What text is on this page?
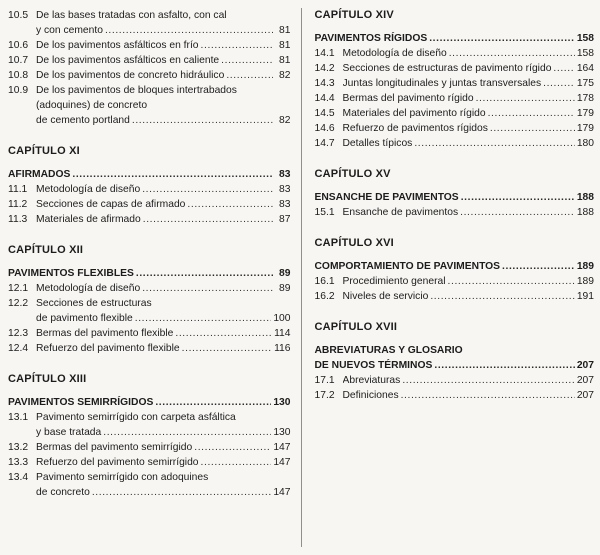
10.5 De las bases tratadas con asfalto, con cal
y con cemento .....	81
10.6 De los pavimentos asfálticos en frío .....	81
10.7 De los pavimentos asfálticos en caliente .....	81
10.8 De los pavimentos de concreto hidráulico .....	82
10.9 De los pavimentos de bloques intertrabados
(adoquines) de concreto
de cemento portland .....	82
CAPÍTULO XI
AFIRMADOS .....	83
11.1 Metodología de diseño .....	83
11.2 Secciones de capas de afirmado .....	83
11.3 Materiales de afirmado .....	87
CAPÍTULO XII
PAVIMENTOS FLEXIBLES .....	89
12.1 Metodología de diseño .....	89
12.2 Secciones de estructuras
de pavimento flexible .....	100
12.3 Bermas del pavimento flexible .....	114
12.4 Refuerzo del pavimento flexible .....	116
CAPÍTULO XIII
PAVIMENTOS SEMIRRÍGIDOS .....	130
13.1 Pavimento semirrígido con carpeta asfáltica
y base tratada .....	130
13.2 Bermas del pavimento semirrígido .....	147
13.3 Refuerzo del pavimento semirrígido .....	147
13.4 Pavimento semirrígido con adoquines
de concreto .....	147
CAPÍTULO XIV
PAVIMENTOS RÍGIDOS .....	158
14.1 Metodología de diseño .....	158
14.2 Secciones de estructuras de pavimento rígido ..... 164
14.3 Juntas longitudinales y juntas transversales .....	175
14.4 Bermas del pavimento rígido .....	178
14.5 Materiales del pavimento rígido .....	179
14.6 Refuerzo de pavimentos rígidos .....	179
14.7 Detalles típicos .....	180
CAPÍTULO XV
ENSANCHE DE PAVIMENTOS .....	188
15.1 Ensanche de pavimentos .....	188
CAPÍTULO XVI
COMPORTAMIENTO DE PAVIMENTOS .....	189
16.1 Procedimiento general .....	189
16.2 Niveles de servicio .....	191
CAPÍTULO XVII
ABREVIATURAS Y GLOSARIO
DE NUEVOS TÉRMINOS .....	207
17.1 Abreviaturas .....	207
17.2 Definiciones .....	207
